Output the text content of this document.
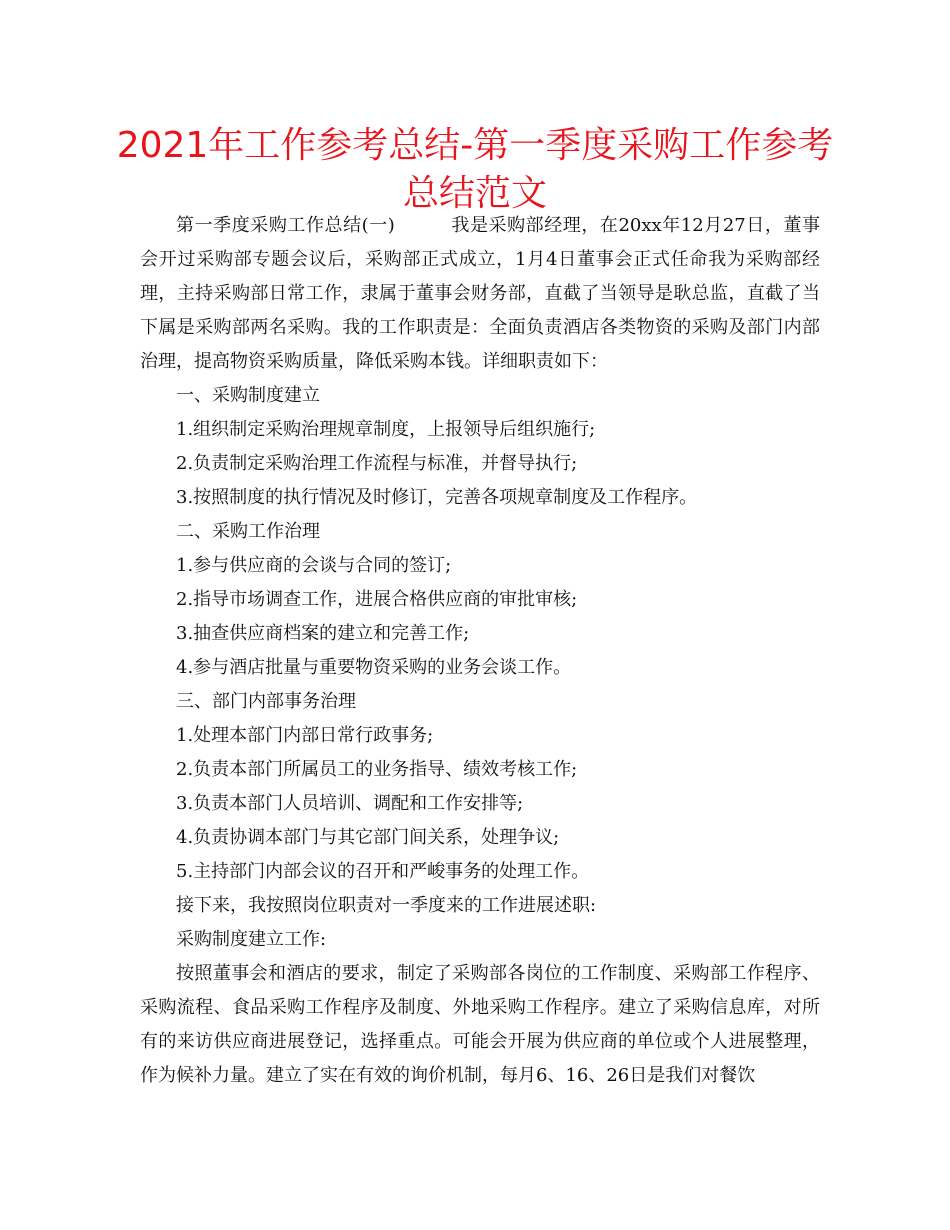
2021年工作参考总结-第一季度采购工作参考总结范文

第一季度采购工作总结(一)	我是采购部经理，在20xx年12月27日，董事会开过采购部专题会议后，采购部正式成立，1月4日董事会正式任命我为采购部经理，主持采购部日常工作，隶属于董事会财务部，直截了当领导是耿总监，直截了当下属是采购部两名采购。我的工作职责是：全面负责酒店各类物资的采购及部门内部治理，提高物资采购质量，降低采购本钱。详细职责如下：

一、采购制度建立

1.组织制定采购治理规章制度，上报领导后组织施行;

2.负责制定采购治理工作流程与标准，并督导执行;

3.按照制度的执行情况及时修订，完善各项规章制度及工作程序。

二、采购工作治理

1.参与供应商的会谈与合同的签订;

2.指导市场调查工作，进展合格供应商的审批审核;

3.抽查供应商档案的建立和完善工作;

4.参与酒店批量与重要物资采购的业务会谈工作。

三、部门内部事务治理

1.处理本部门内部日常行政事务;

2.负责本部门所属员工的业务指导、绩效考核工作;

3.负责本部门人员培训、调配和工作安排等;

4.负责协调本部门与其它部门间关系，处理争议;

5.主持部门内部会议的召开和严峻事务的处理工作。

接下来，我按照岗位职责对一季度来的工作进展述职:

采购制度建立工作:

按照董事会和酒店的要求，制定了采购部各岗位的工作制度、采购部工作程序、采购流程、食品采购工作程序及制度、外地采购工作程序。建立了采购信息库，对所有的来访供应商进展登记，选择重点。可能会开展为供应商的单位或个人进展整理，作为候补力量。建立了实在有效的询价机制，每月6、16、26日是我们对餐饮
